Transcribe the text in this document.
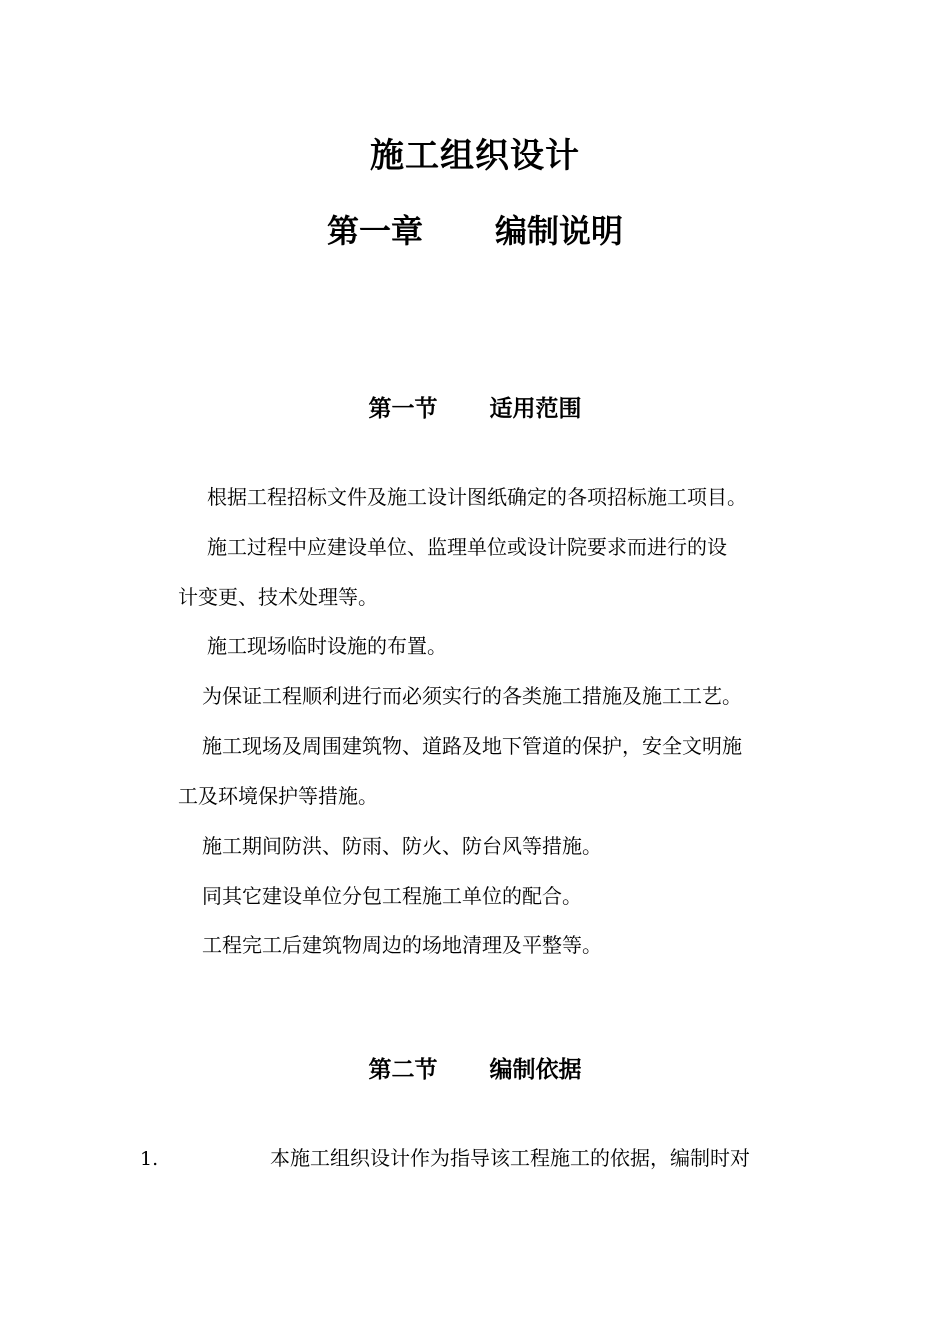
施工组织设计
第一章 编制说明
第一节 适用范围

根据工程招标文件及施工设计图纸确定的各项招标施工项目。

施工过程中应建设单位、监理单位或设计院要求而进行的设

计变更、技术处理等。

施工现场临时设施的布置。

为保证工程顺利进行而必须实行的各类施工措施及施工工艺。

施工现场及周围建筑物、道路及地下管道的保护，安全文明施

工及环境保护等措施。

施工期间防洪、防雨、防火、防台风等措施。

同其它建设单位分包工程施工单位的配合。

工程完工后建筑物周边的场地清理及平整等。

第二节 编制依据
1.	本施工组织设计作为指导该工程施工的依据，编制时对
